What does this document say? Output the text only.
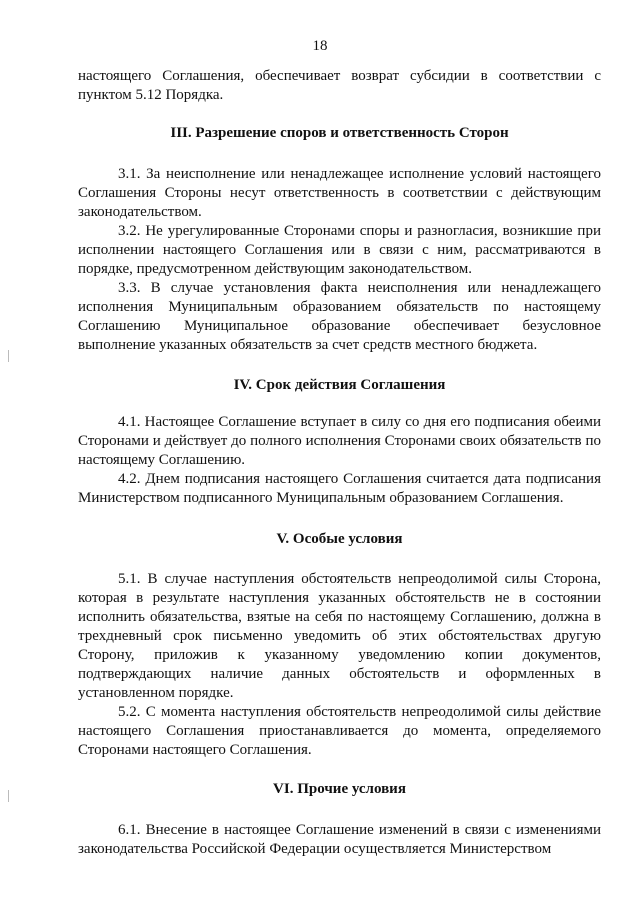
18

настоящего Соглашения, обеспечивает возврат субсидии в соответствии с пунктом 5.12 Порядка.

III. Разрешение споров и ответственность Сторон

3.1. За неисполнение или ненадлежащее исполнение условий настоящего Соглашения Стороны несут ответственность в соответствии с действующим законодательством.

3.2. Не урегулированные Сторонами споры и разногласия, возникшие при исполнении настоящего Соглашения или в связи с ним, рассматриваются в порядке, предусмотренном действующим законодательством.

3.3. В случае установления факта неисполнения или ненадлежащего исполнения Муниципальным образованием обязательств по настоящему Соглашению Муниципальное образование обеспечивает безусловное выполнение указанных обязательств за счет средств местного бюджета.

IV. Срок действия Соглашения

4.1. Настоящее Соглашение вступает в силу со дня его подписания обеими Сторонами и действует до полного исполнения Сторонами своих обязательств по настоящему Соглашению.

4.2. Днем подписания настоящего Соглашения считается дата подписания Министерством подписанного Муниципальным образованием Соглашения.

V. Особые условия

5.1. В случае наступления обстоятельств непреодолимой силы Сторона, которая в результате наступления указанных обстоятельств не в состоянии исполнить обязательства, взятые на себя по настоящему Соглашению, должна в трехдневный срок письменно уведомить об этих обстоятельствах другую Сторону, приложив к указанному уведомлению копии документов, подтверждающих наличие данных обстоятельств и оформленных в установленном порядке.

5.2. С момента наступления обстоятельств непреодолимой силы действие настоящего Соглашения приостанавливается до момента, определяемого Сторонами настоящего Соглашения.

VI. Прочие условия

6.1. Внесение в настоящее Соглашение изменений в связи с изменениями законодательства Российской Федерации осуществляется Министерством
